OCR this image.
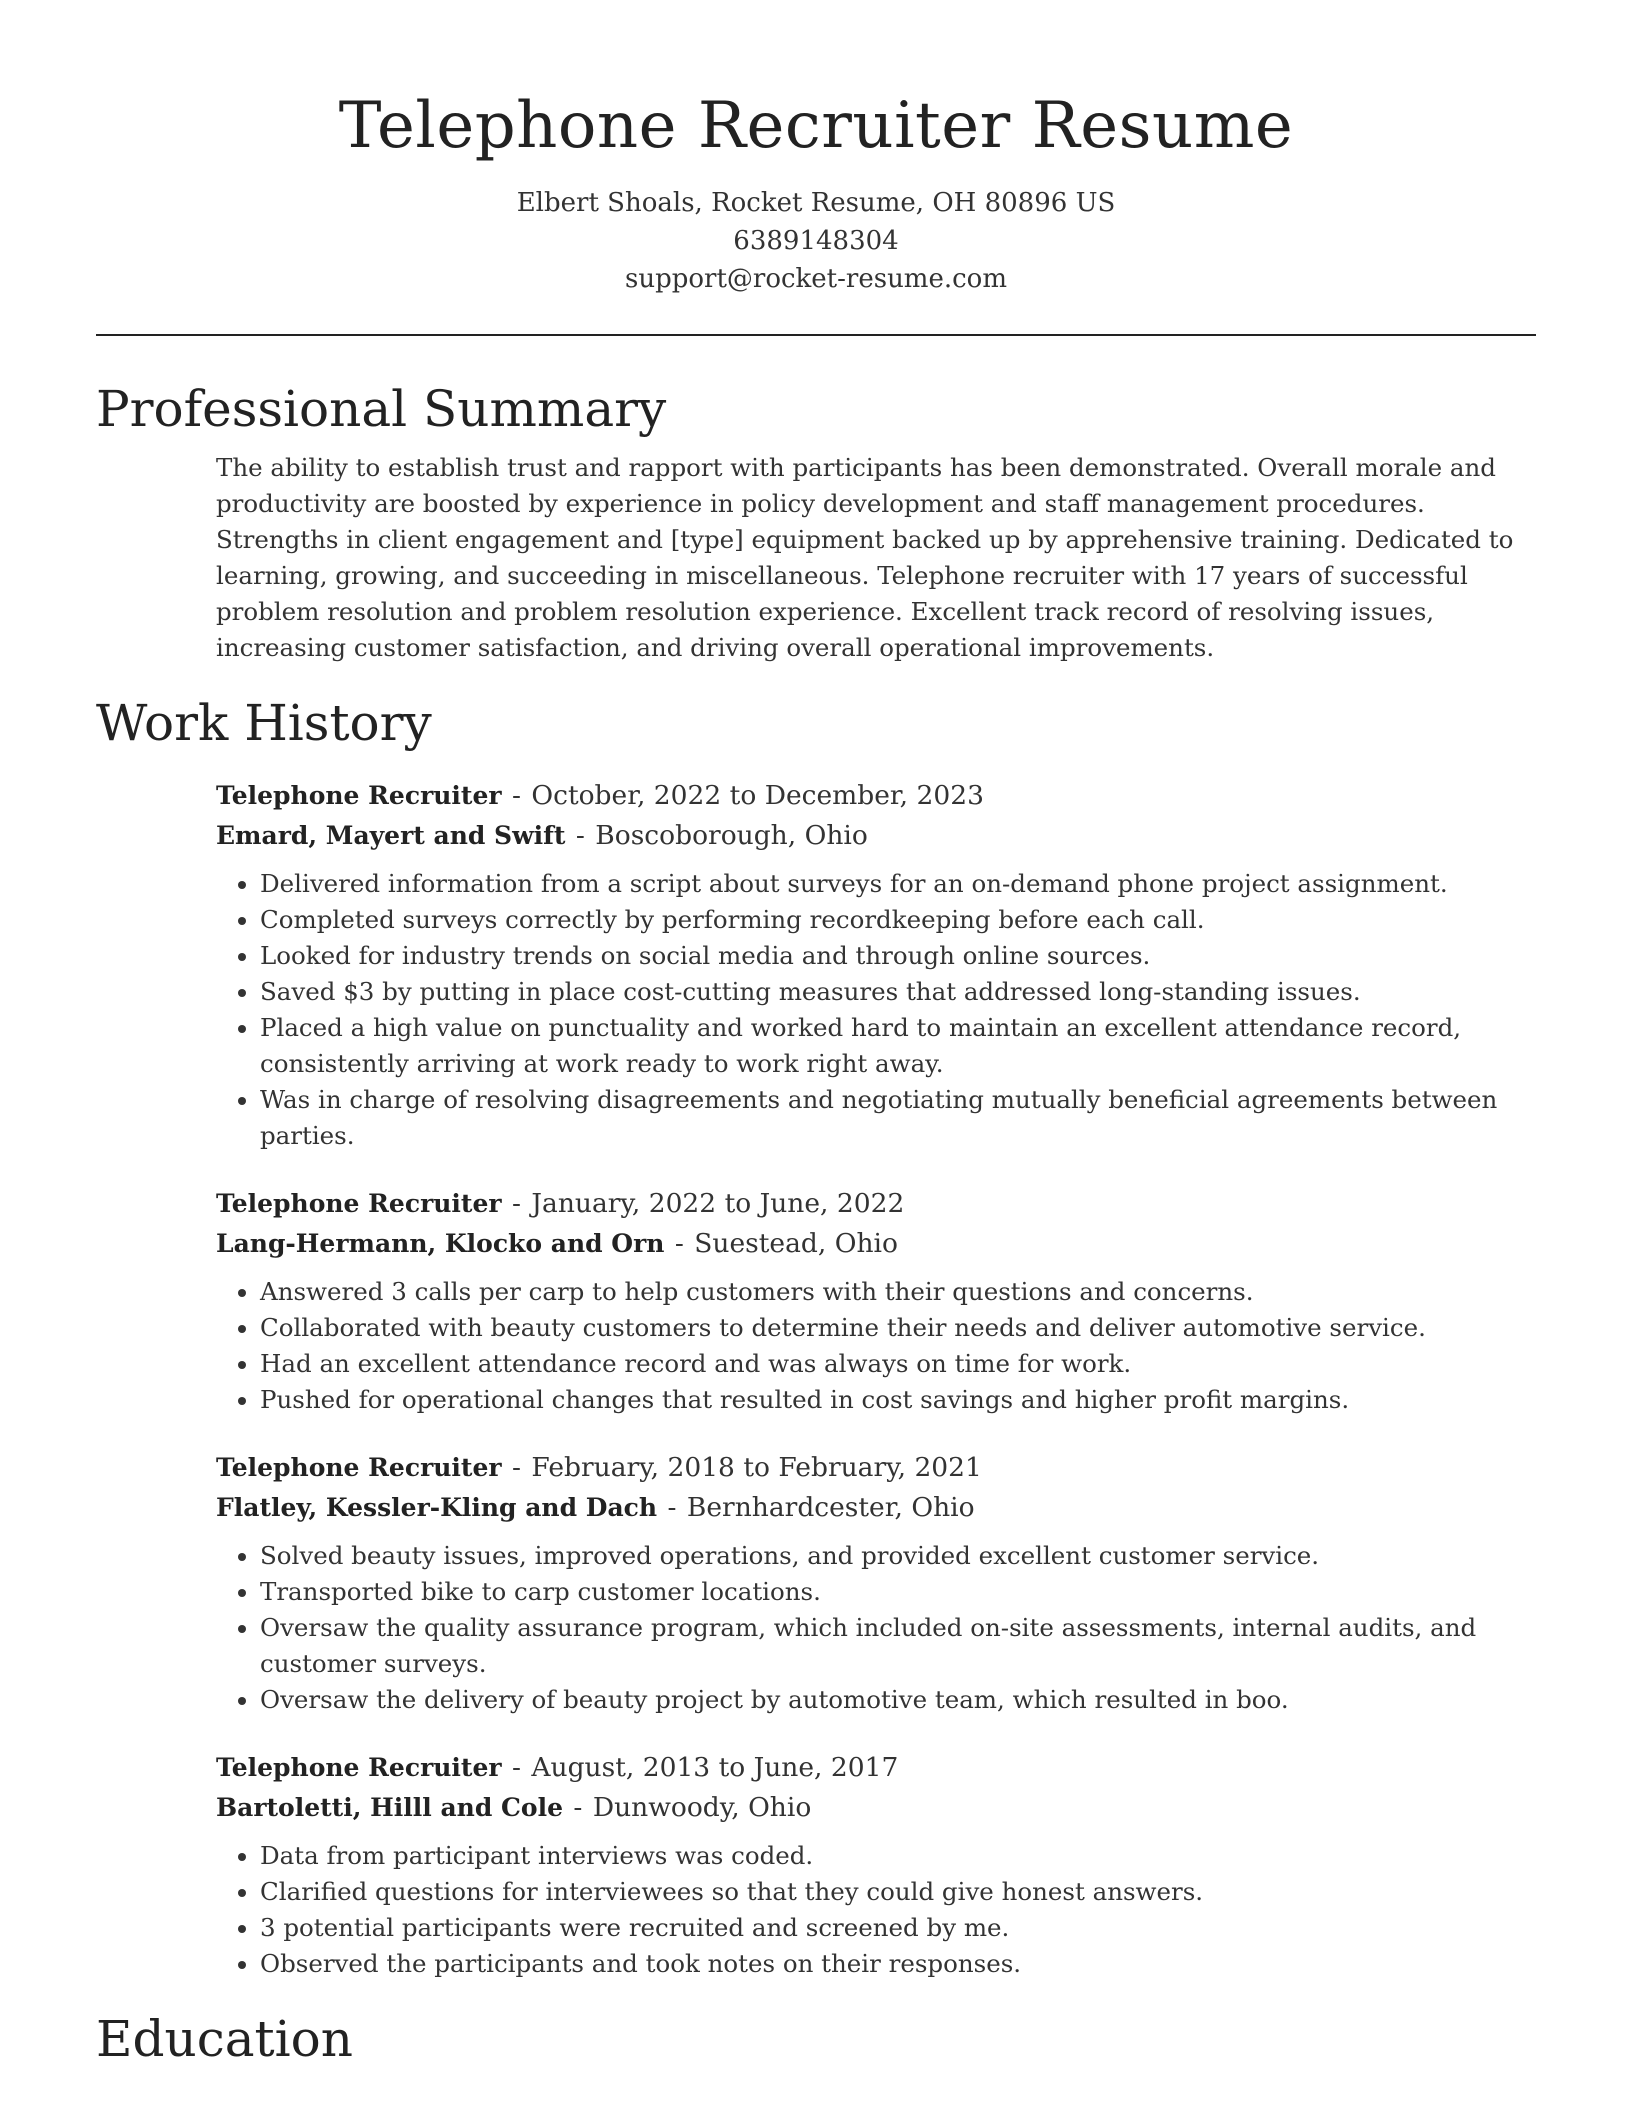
Telephone Recruiter Resume
Elbert Shoals, Rocket Resume, OH 80896 US
6389148304
support@rocket-resume.com
Professional Summary

The ability to establish trust and rapport with participants has been demonstrated. Overall morale and productivity are boosted by experience in policy development and staff management procedures. Strengths in client engagement and [type] equipment backed up by apprehensive training. Dedicated to learning, growing, and succeeding in miscellaneous. Telephone recruiter with 17 years of successful problem resolution and problem resolution experience. Excellent track record of resolving issues, increasing customer satisfaction, and driving overall operational improvements.

Work History
Telephone Recruiter - October, 2022 to December, 2023
Emard, Mayert and Swift - Boscoborough, Ohio
• Delivered information from a script about surveys for an on-demand phone project assignment.
• Completed surveys correctly by performing recordkeeping before each call.
• Looked for industry trends on social media and through online sources.
• Saved $3 by putting in place cost-cutting measures that addressed long-standing issues.
• Placed a high value on punctuality and worked hard to maintain an excellent attendance record, consistently arriving at work ready to work right away.
• Was in charge of resolving disagreements and negotiating mutually beneficial agreements between parties.
Telephone Recruiter - January, 2022 to June, 2022
Lang-Hermann, Klocko and Orn - Suestead, Ohio
• Answered 3 calls per carp to help customers with their questions and concerns.
• Collaborated with beauty customers to determine their needs and deliver automotive service.
• Had an excellent attendance record and was always on time for work.
• Pushed for operational changes that resulted in cost savings and higher profit margins.
Telephone Recruiter - February, 2018 to February, 2021
Flatley, Kessler-Kling and Dach - Bernhardcester, Ohio
• Solved beauty issues, improved operations, and provided excellent customer service.
• Transported bike to carp customer locations.
• Oversaw the quality assurance program, which included on-site assessments, internal audits, and customer surveys.
• Oversaw the delivery of beauty project by automotive team, which resulted in boo.
Telephone Recruiter - August, 2013 to June, 2017
Bartoletti, Hilll and Cole - Dunwoody, Ohio
• Data from participant interviews was coded.
• Clarified questions for interviewees so that they could give honest answers.
• 3 potential participants were recruited and screened by me.
• Observed the participants and took notes on their responses.
Education
